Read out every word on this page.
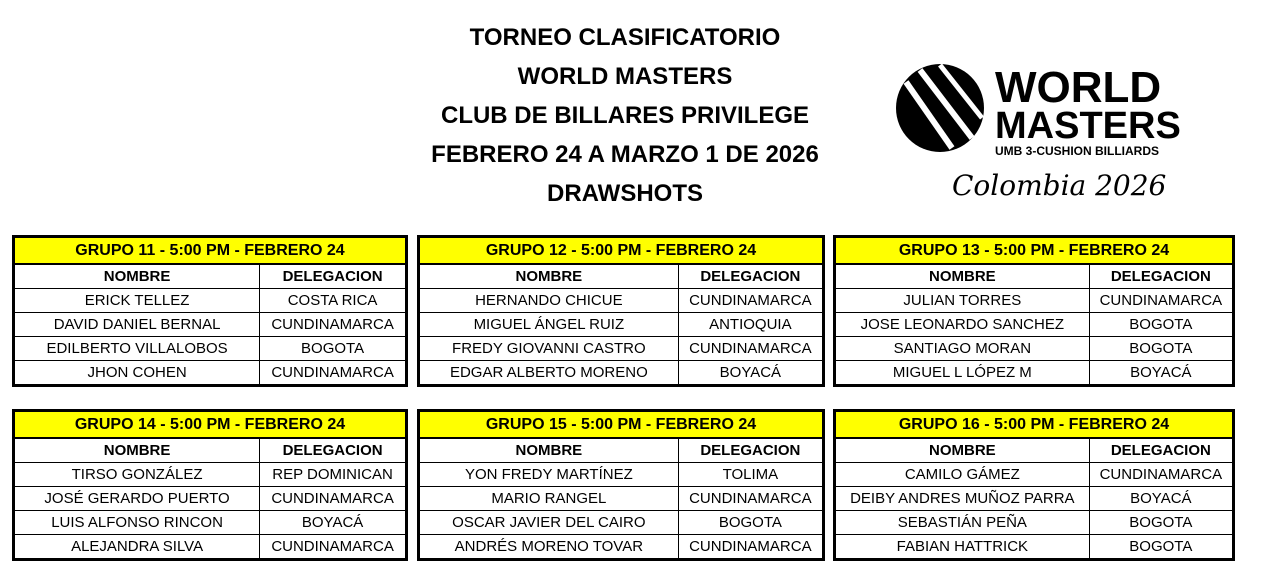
TORNEO CLASIFICATORIO
WORLD MASTERS
CLUB DE BILLARES PRIVILEGE
FEBRERO 24 A MARZO 1 DE 2026
DRAWSHOTS
WORLD
MASTERS
UMB 3-CUSHION BILLIARDS
Colombia 2026
GRUPO 11 - 5:00 PM - FEBRERO 24	
NOMBRE	DELEGACION
ERICK TELLEZ	COSTA RICA
DAVID DANIEL BERNAL	CUNDINAMARCA
EDILBERTO VILLALOBOS	BOGOTA
JHON COHEN	CUNDINAMARCA
GRUPO 12 - 5:00 PM - FEBRERO 24	
NOMBRE	DELEGACION
HERNANDO CHICUE	CUNDINAMARCA
MIGUEL ÁNGEL RUIZ	ANTIOQUIA
FREDY GIOVANNI CASTRO	CUNDINAMARCA
EDGAR ALBERTO MORENO	BOYACÁ
GRUPO 13 - 5:00 PM - FEBRERO 24	
NOMBRE	DELEGACION
JULIAN TORRES	CUNDINAMARCA
JOSE LEONARDO SANCHEZ	BOGOTA
SANTIAGO MORAN	BOGOTA
MIGUEL L LÓPEZ M	BOYACÁ
GRUPO 14 - 5:00 PM - FEBRERO 24	
NOMBRE	DELEGACION
TIRSO GONZÁLEZ	REP DOMINICAN
JOSÉ GERARDO PUERTO	CUNDINAMARCA
LUIS ALFONSO RINCON	BOYACÁ
ALEJANDRA SILVA	CUNDINAMARCA
GRUPO 15 - 5:00 PM - FEBRERO 24	
NOMBRE	DELEGACION
YON FREDY MARTÍNEZ	TOLIMA
MARIO RANGEL	CUNDINAMARCA
OSCAR JAVIER DEL CAIRO	BOGOTA
ANDRÉS MORENO TOVAR	CUNDINAMARCA
GRUPO 16 - 5:00 PM - FEBRERO 24	
NOMBRE	DELEGACION
CAMILO GÁMEZ	CUNDINAMARCA
DEIBY ANDRES MUÑOZ PARRA	BOYACÁ
SEBASTIÁN PEÑA	BOGOTA
FABIAN HATTRICK	BOGOTA
